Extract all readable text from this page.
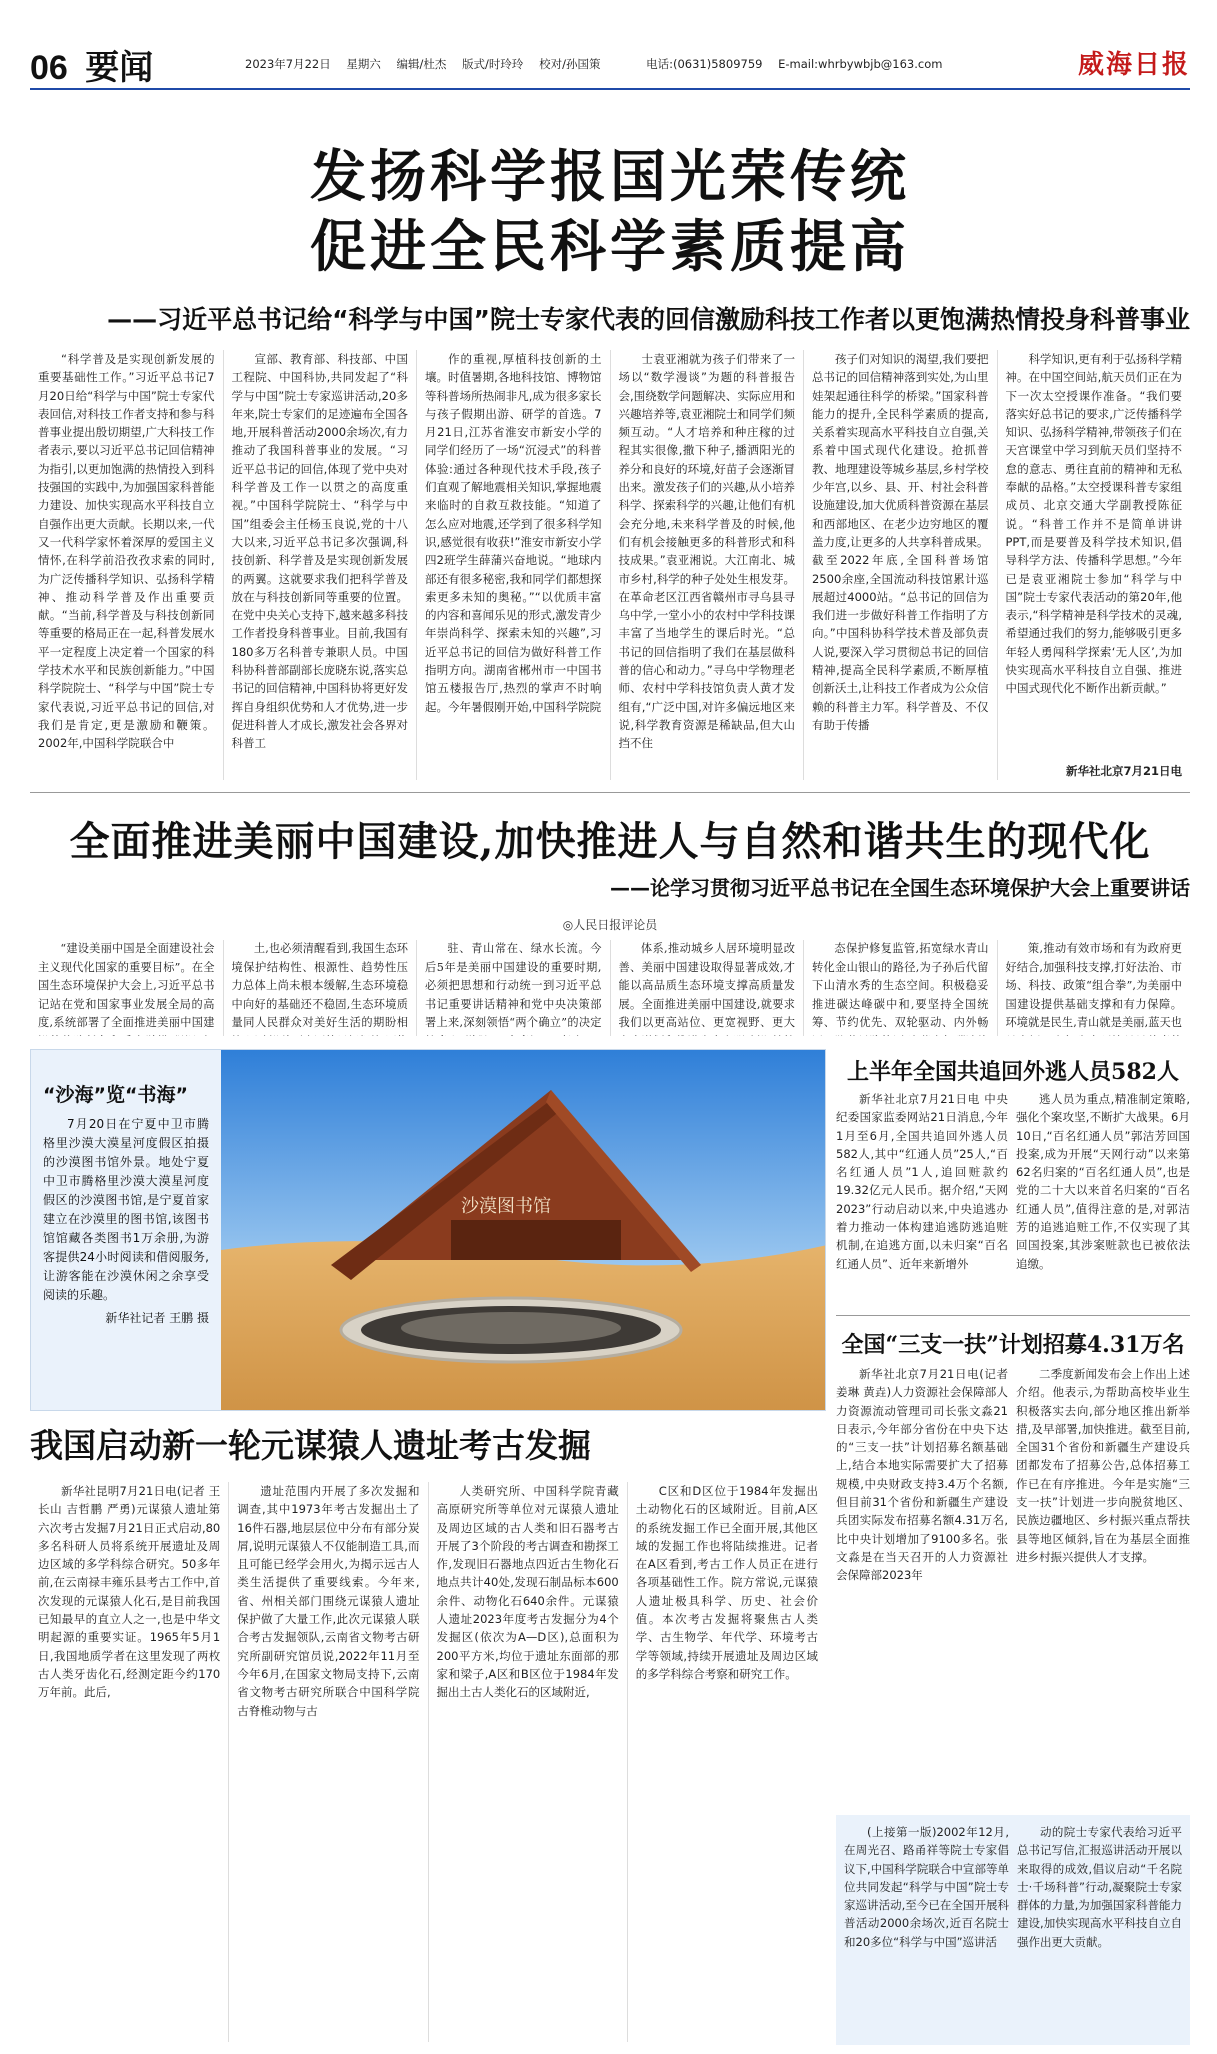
06 要闻	2023年7月22日 星期六 编辑/杜杰 版式/时玲玲 校对/孙国策	电话:(0631)5809759 E-mail:whrbywbjb@163.com	威海日报
发扬科学报国光荣传统
促进全民科学素质提高
——习近平总书记给“科学与中国”院士专家代表的回信激励科技工作者以更饱满热情投身科普事业

“科学普及是实现创新发展的重要基础性工作。”习近平总书记7月20日给“科学与中国”院士专家代表回信,对科技工作者支持和参与科普事业提出殷切期望,广大科技工作者表示,要以习近平总书记回信精神为指引,以更加饱满的热情投入到科技强国的实践中,为加强国家科普能力建设、加快实现高水平科技自立自强作出更大贡献。长期以来,一代又一代科学家怀着深厚的爱国主义情怀,在科学前沿孜孜求索的同时,为广泛传播科学知识、弘扬科学精神、推动科学普及作出重要贡献。“当前,科学普及与科技创新同等重要的格局正在一起,科普发展水平一定程度上决定着一个国家的科学技术水平和民族创新能力。”中国科学院院士、“科学与中国”院士专家代表说,习近平总书记的回信,对我们是肯定,更是激励和鞭策。2002年,中国科学院联合中

宣部、教育部、科技部、中国工程院、中国科协,共同发起了“科学与中国”院士专家巡讲活动,20多年来,院士专家们的足迹遍布全国各地,开展科普活动2000余场次,有力推动了我国科普事业的发展。“习近平总书记的回信,体现了党中央对科学普及工作一以贯之的高度重视。”中国科学院院士、“科学与中国”组委会主任杨玉良说,党的十八大以来,习近平总书记多次强调,科技创新、科学普及是实现创新发展的两翼。这就要求我们把科学普及放在与科技创新同等重要的位置。在党中央关心支持下,越来越多科技工作者投身科普事业。目前,我国有180多万名科普专兼职人员。中国科协科普部副部长庞晓东说,落实总书记的回信精神,中国科协将更好发挥自身组织优势和人才优势,进一步促进科普人才成长,激发社会各界对科普工

作的重视,厚植科技创新的土壤。时值暑期,各地科技馆、博物馆等科普场所热闹非凡,成为很多家长与孩子假期出游、研学的首选。7月21日,江苏省淮安市新安小学的同学们经历了一场“沉浸式”的科普体验:通过各种现代技术手段,孩子们直观了解地震相关知识,掌握地震来临时的自救互救技能。“知道了怎么应对地震,还学到了很多科学知识,感觉很有收获!”淮安市新安小学四2班学生薛蒲兴奋地说。“地球内部还有很多秘密,我和同学们都想探索更多未知的奥秘。”“以优质丰富的内容和喜闻乐见的形式,激发青少年崇尚科学、探索未知的兴趣”,习近平总书记的回信为做好科普工作指明方向。湖南省郴州市一中国书馆五楼报告厅,热烈的掌声不时响起。今年暑假刚开始,中国科学院院

士袁亚湘就为孩子们带来了一场以“数学漫谈”为题的科普报告会,围绕数学问题解决、实际应用和兴趣培养等,袁亚湘院士和同学们频频互动。“人才培养和种庄稼的过程其实很像,撒下种子,播洒阳光的养分和良好的环境,好苗子会逐渐冒出来。激发孩子们的兴趣,从小培养科学、探索科学的兴趣,让他们有机会充分地,未来科学普及的时候,他们有机会接触更多的科普形式和科技成果。”袁亚湘说。大江南北、城市乡村,科学的种子处处生根发芽。在革命老区江西省赣州市寻乌县寻乌中学,一堂小小的农村中学科技课丰富了当地学生的课后时光。“总书记的回信指明了我们在基层做科普的信心和动力。”寻乌中学物理老师、农村中学科技馆负责人黄才发组有,“广泛中国,对许多偏远地区来说,科学教育资源是稀缺品,但大山挡不住

孩子们对知识的渴望,我们要把总书记的回信精神落到实处,为山里娃架起通往科学的桥梁。”国家科普能力的提升,全民科学素质的提高,关系着实现高水平科技自立自强,关系着中国式现代化建设。抢抓普教、地理建设等城乡基层,乡村学校少年宫,以乡、县、开、村社会科普设施建设,加大优质科普资源在基层和西部地区、在老少边穷地区的覆盖力度,让更多的人共享科普成果。截至2022年底,全国科普场馆2500余座,全国流动科技馆累计巡展超过4000站。“总书记的回信为我们进一步做好科普工作指明了方向。”中国科协科学技术普及部负责人说,要深入学习贯彻总书记的回信精神,提高全民科学素质,不断厚植创新沃土,让科技工作者成为公众信赖的科普主力军。科学普及、不仅有助于传播

科学知识,更有利于弘扬科学精神。在中国空间站,航天员们正在为下一次太空授课作准备。“我们要落实好总书记的要求,广泛传播科学知识、弘扬科学精神,带领孩子们在天宫课堂中学习到航天员们坚持不怠的意志、勇往直前的精神和无私奉献的品格。”太空授课科普专家组成员、北京交通大学副教授陈征说。“科普工作并不是简单讲讲PPT,而是要普及科学技术知识,倡导科学方法、传播科学思想。”今年已是袁亚湘院士参加“科学与中国”院士专家代表活动的第20年,他表示,“科学精神是科学技术的灵魂,希望通过我们的努力,能够吸引更多年轻人勇闯科学探索‘无人区’,为加快实现高水平科技自立自强、推进中国式现代化不断作出新贡献。”

新华社北京7月21日电
全面推进美丽中国建设,加快推进人与自然和谐共生的现代化
——论学习贯彻习近平总书记在全国生态环境保护大会上重要讲话
◎人民日报评论员

“建设美丽中国是全面建设社会主义现代化国家的重要目标”。在全国生态环境保护大会上,习近平总书记站在党和国家事业发展全局的高度,系统部署了全面推进美丽中国建

土,也必须清醒看到,我国生态环境保护结构性、根源性、趋势性压力总体上尚未根本缓解,生态环境稳中向好的基础还不稳固,生态环境质量同人民群众对美好生活的期盼相

驻、青山常在、绿水长流。今后5年是美丽中国建设的重要时期,必须把思想和行动统一到习近平总书记重要讲话精神和党中央决策部署上来,深刻领悟“两个确立”的决定

体系,推动城乡人居环境明显改善、美丽中国建设取得显著成效,才能以高品质生态环境支撑高质量发展。全面推进美丽中国建设,就要求我们以更高站位、更宽视野、更大

态保护修复监管,拓宽绿水青山转化金山银山的路径,为子孙后代留下山清水秀的生态空间。积极稳妥推进碳达峰碳中和,要坚持全国统筹、节约优先、双轮驱动、内外畅

策,推动有效市场和有为政府更好结合,加强科技支撑,打好法治、市场、科技、政策“组合拳”,为美丽中国建设提供基础支撑和有力保障。环境就是民生,青山就是美丽,蓝天也

“沙海”览“书海”
7月20日在宁夏中卫市腾格里沙漠大漠星河度假区拍摄的沙漠图书馆外景。地处宁夏中卫市腾格里沙漠大漠星河度假区的沙漠图书馆,是宁夏首家建立在沙漠里的图书馆,该图书馆馆藏各类图书1万余册,为游客提供24小时阅读和借阅服务,让游客能在沙漠休闲之余享受阅读的乐趣。
新华社记者 王鹏 摄
沙漠图书馆
上半年全国共追回外逃人员582人

新华社北京7月21日电 中央纪委国家监委网站21日消息,今年1月至6月,全国共追回外逃人员582人,其中“红通人员”25人,“百名红通人员”1人,追回赃款约19.32亿元人民币。据介绍,“天网2023”行动启动以来,中央追逃办着力推动一体构建追逃防逃追赃机制,在追逃方面,以未归案“百名红通人员”、近年来新增外

逃人员为重点,精准制定策略,强化个案攻坚,不断扩大战果。6月10日,“百名红通人员”郭洁芳回国投案,成为开展“天网行动”以来第62名归案的“百名红通人员”,也是党的二十大以来首名归案的“百名红通人员”,值得注意的是,对郭洁芳的追逃追赃工作,不仅实现了其回国投案,其涉案赃款也已被依法追缴。

全国“三支一扶”计划招募4.31万名

新华社北京7月21日电(记者 姜琳 黄垚)人力资源社会保障部人力资源流动管理司司长张文淼21日表示,今年部分省份在中央下达的“三支一扶”计划招募名额基础上,结合本地实际需要扩大了招募规模,中央财政支持3.4万个名额,但目前31个省份和新疆生产建设兵团实际发布招募名额4.31万名,比中央计划增加了9100多名。张文淼是在当天召开的人力资源社会保障部2023年

二季度新闻发布会上作出上述介绍。他表示,为帮助高校毕业生积极落实去向,部分地区推出新举措,及早部署,加快推进。截至目前,全国31个省份和新疆生产建设兵团都发布了招募公告,总体招募工作已在有序推进。今年是实施“三支一扶”计划进一步向脱贫地区、民族边疆地区、乡村振兴重点帮扶县等地区倾斜,旨在为基层全面推进乡村振兴提供人才支撑。

我国启动新一轮元谋猿人遗址考古发掘

新华社昆明7月21日电(记者 王长山 吉哲鹏 严勇)元谋猿人遗址第六次考古发掘7月21日正式启动,80多名科研人员将系统开展遗址及周边区域的多学科综合研究。50多年前,在云南禄丰雍乐县考古工作中,首次发现的元谋猿人化石,是目前我国已知最早的直立人之一,也是中华文明起源的重要实证。1965年5月1日,我国地质学者在这里发现了两枚古人类牙齿化石,经测定距今约170万年前。此后,

遗址范围内开展了多次发掘和调查,其中1973年考古发掘出土了16件石器,地层层位中分布有部分炭屑,说明元谋猿人不仅能制造工具,而且可能已经学会用火,为揭示远古人类生活提供了重要线索。今年来,省、州相关部门围绕元谋猿人遗址保护做了大量工作,此次元谋猿人联合考古发掘领队,云南省文物考古研究所副研究馆员说,2022年11月至今年6月,在国家文物局支持下,云南省文物考古研究所联合中国科学院古脊椎动物与古

人类研究所、中国科学院青藏高原研究所等单位对元谋猿人遗址及周边区域的古人类和旧石器考古开展了3个阶段的考古调查和勘探工作,发现旧石器地点四近古生物化石地点共计40处,发现石制品标本600余件、动物化石640余件。元谋猿人遗址2023年度考古发掘分为4个发掘区(依次为A—D区),总面积为200平方米,均位于遗址东面部的那家和梁子,A区和B区位于1984年发掘出土古人类化石的区域附近,

C区和D区位于1984年发掘出土动物化石的区域附近。目前,A区的系统发掘工作已全面开展,其他区域的发掘工作也将陆续推进。记者在A区看到,考古工作人员正在进行各项基础性工作。院方常说,元谋猿人遗址极具科学、历史、社会价值。本次考古发掘将聚焦古人类学、古生物学、年代学、环境考古学等领域,持续开展遗址及周边区域的多学科综合考察和研究工作。

(上接第一版)2002年12月,在周光召、路甬祥等院士专家倡议下,中国科学院联合中宣部等单位共同发起“科学与中国”院士专家巡讲活动,至今已在全国开展科普活动2000余场次,近百名院士和20多位“科学与中国”巡讲活

动的院士专家代表给习近平总书记写信,汇报巡讲活动开展以来取得的成效,倡议启动“千名院士·千场科普”行动,凝聚院士专家群体的力量,为加强国家科普能力建设,加快实现高水平科技自立自强作出更大贡献。
